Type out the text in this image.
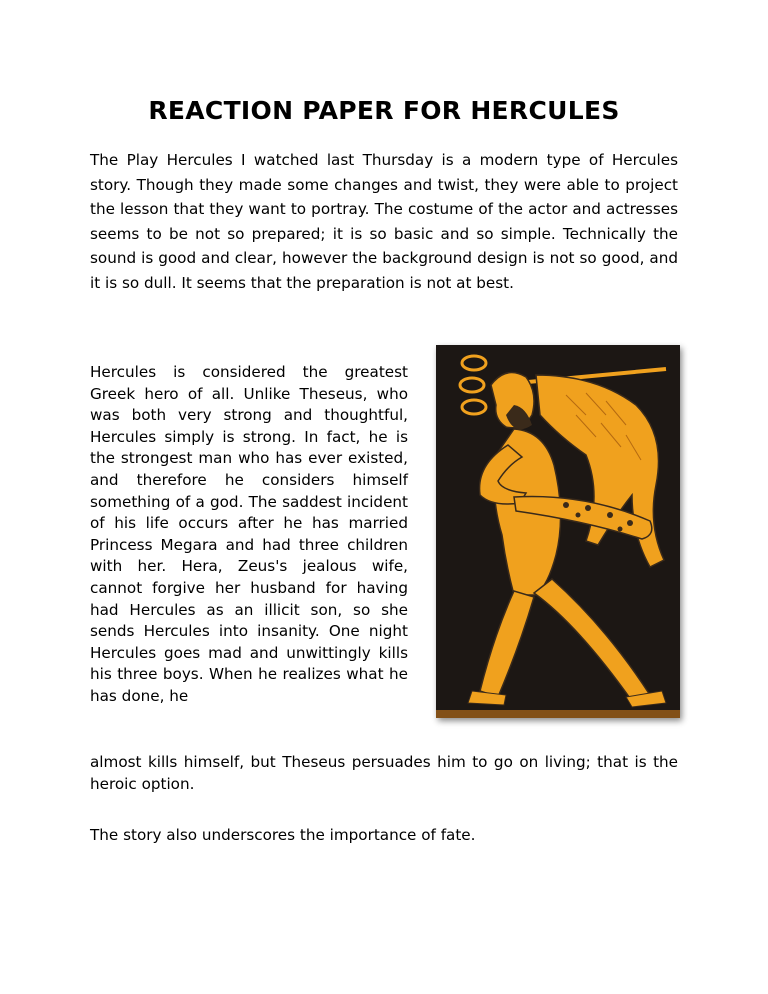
REACTION PAPER FOR HERCULES

The Play Hercules I watched last Thursday is a modern type of Hercules story. Though they made some changes and twist, they were able to project the lesson that they want to portray. The costume of the actor and actresses seems to be not so prepared; it is so basic and so simple. Technically the sound is good and clear, however the background design is not so good, and it is so dull. It seems that the preparation is not at best.

Hercules is considered the greatest Greek hero of all. Unlike Theseus, who was both very strong and thoughtful, Hercules simply is strong. In fact, he is the strongest man who has ever existed, and therefore he considers himself something of a god. The saddest incident of his life occurs after he has married Princess Megara and had three children with her. Hera, Zeus's jealous wife, cannot forgive her husband for having had Hercules as an illicit son, so she sends Hercules into insanity. One night Hercules goes mad and unwittingly kills his three boys. When he realizes what he has done, he

almost kills himself, but Theseus persuades him to go on living; that is the heroic option.

The story also underscores the importance of fate.
